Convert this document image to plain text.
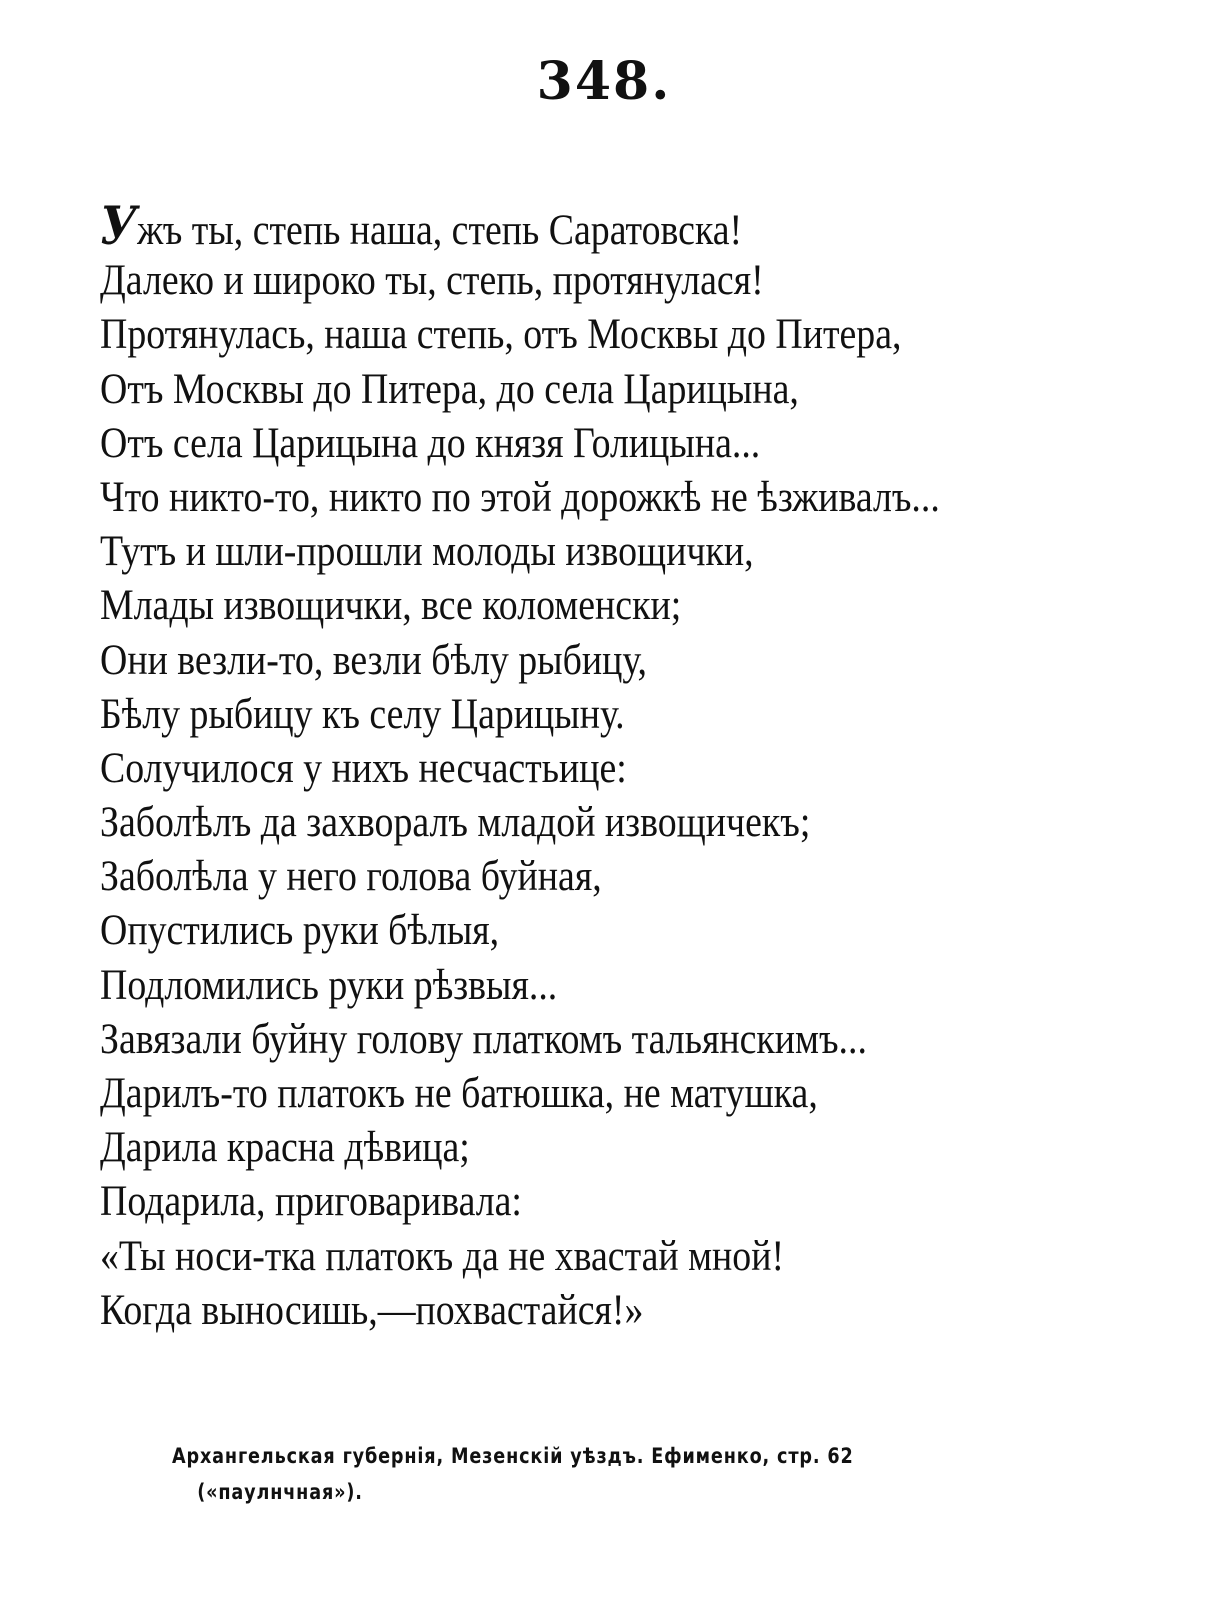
348.
Ужъ ты, степь наша, степь Саратовска!
Далеко и широко ты, степь, протянулася!
Протянулась, наша степь, отъ Москвы до Питера,
Отъ Москвы до Питера, до села Царицына,
Отъ села Царицына до князя Голицына...
Что никто-то, никто по этой дорожкѣ не ѣзживалъ...
Тутъ и шли-прошли молоды извощички,
Млады извощички, все коломенски;
Они везли-то, везли бѣлу рыбицу,
Бѣлу рыбицу къ селу Царицыну.
Солучилося у нихъ несчастьице:
Заболѣлъ да захворалъ младой извощичекъ;
Заболѣла у него голова буйная,
Опустились руки бѣлыя,
Подломились руки рѣзвыя...
Завязали буйну голову платкомъ тальянскимъ...
Дарилъ-то платокъ не батюшка, не матушка,
Дарила красна дѣвица;
Подарила, приговаривала:
«Ты носи-тка платокъ да не хвастай мной!
Когда выносишь,—похвастайся!»
Архангельская губернія, Мезенскій уѣздъ. Ефименко, стр. 62
(«пaулнчная»).
